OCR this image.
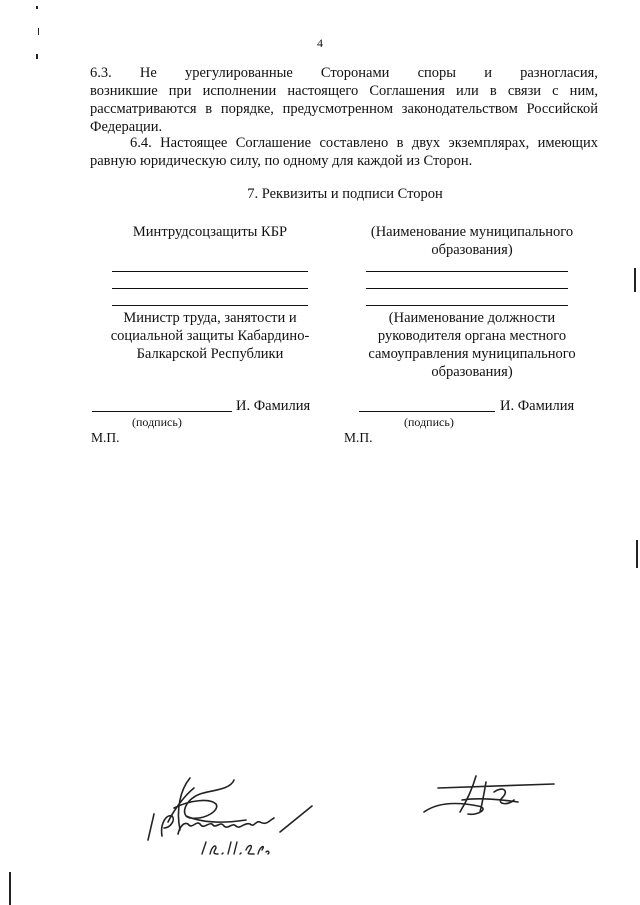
4
6.3. Не урегулированные Сторонами споры и разногласия,
возникшие при исполнении настоящего Соглашения или в связи с ним, рассматриваются в порядке, предусмотренном законодательством Российской Федерации.
6.4. Настоящее Соглашение составлено в двух экземплярах, имеющих равную юридическую силу, по одному для каждой из Сторон.
7. Реквизиты и подписи Сторон
Минтрудсоцзащиты КБР
Министр труда, занятости и социальной защиты Кабардино-Балкарской Республики
И. Фамилия
(подпись)
М.П.
(Наименование муниципального образования)
(Наименование должности руководителя органа местного самоуправления муниципального образования)
И. Фамилия
(подпись)
М.П.
